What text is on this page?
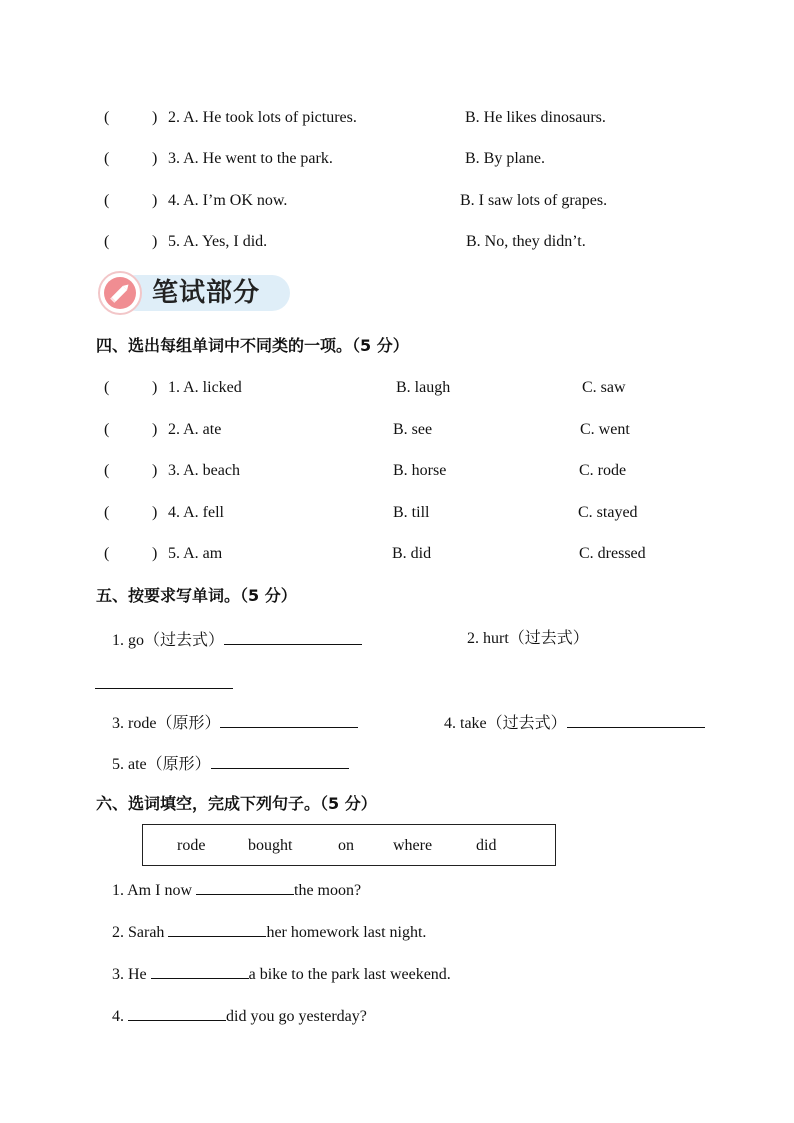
(	) 2. A. He took lots of pictures.	B. He likes dinosaurs.
(	) 3. A. He went to the park.	B. By plane.
(	) 4. A. I’m OK now.	B. I saw lots of grapes.
(	) 5. A. Yes, I did.	B. No, they didn’t.
笔试部分
四、选出每组单词中不同类的一项。（5 分）
(	) 1. A. licked	B. laugh	C. saw
(	) 2. A. ate	B. see	C. went
(	) 3. A. beach	B. horse	C. rode
(	) 4. A. fell	B. till	C. stayed
(	) 5. A. am	B. did	C. dressed
五、按要求写单词。（5 分）
1. go（过去式）	2. hurt（过去式）
3. rode（原形）	4. take（过去式）
5. ate（原形）
六、选词填空，完成下列句子。（5 分）
rode	bought	on where	did
1. Am I now	the moon?
2. Sarah	her homework last night.
3. He	a bike to the park last weekend.
4.	did you go yesterday?
